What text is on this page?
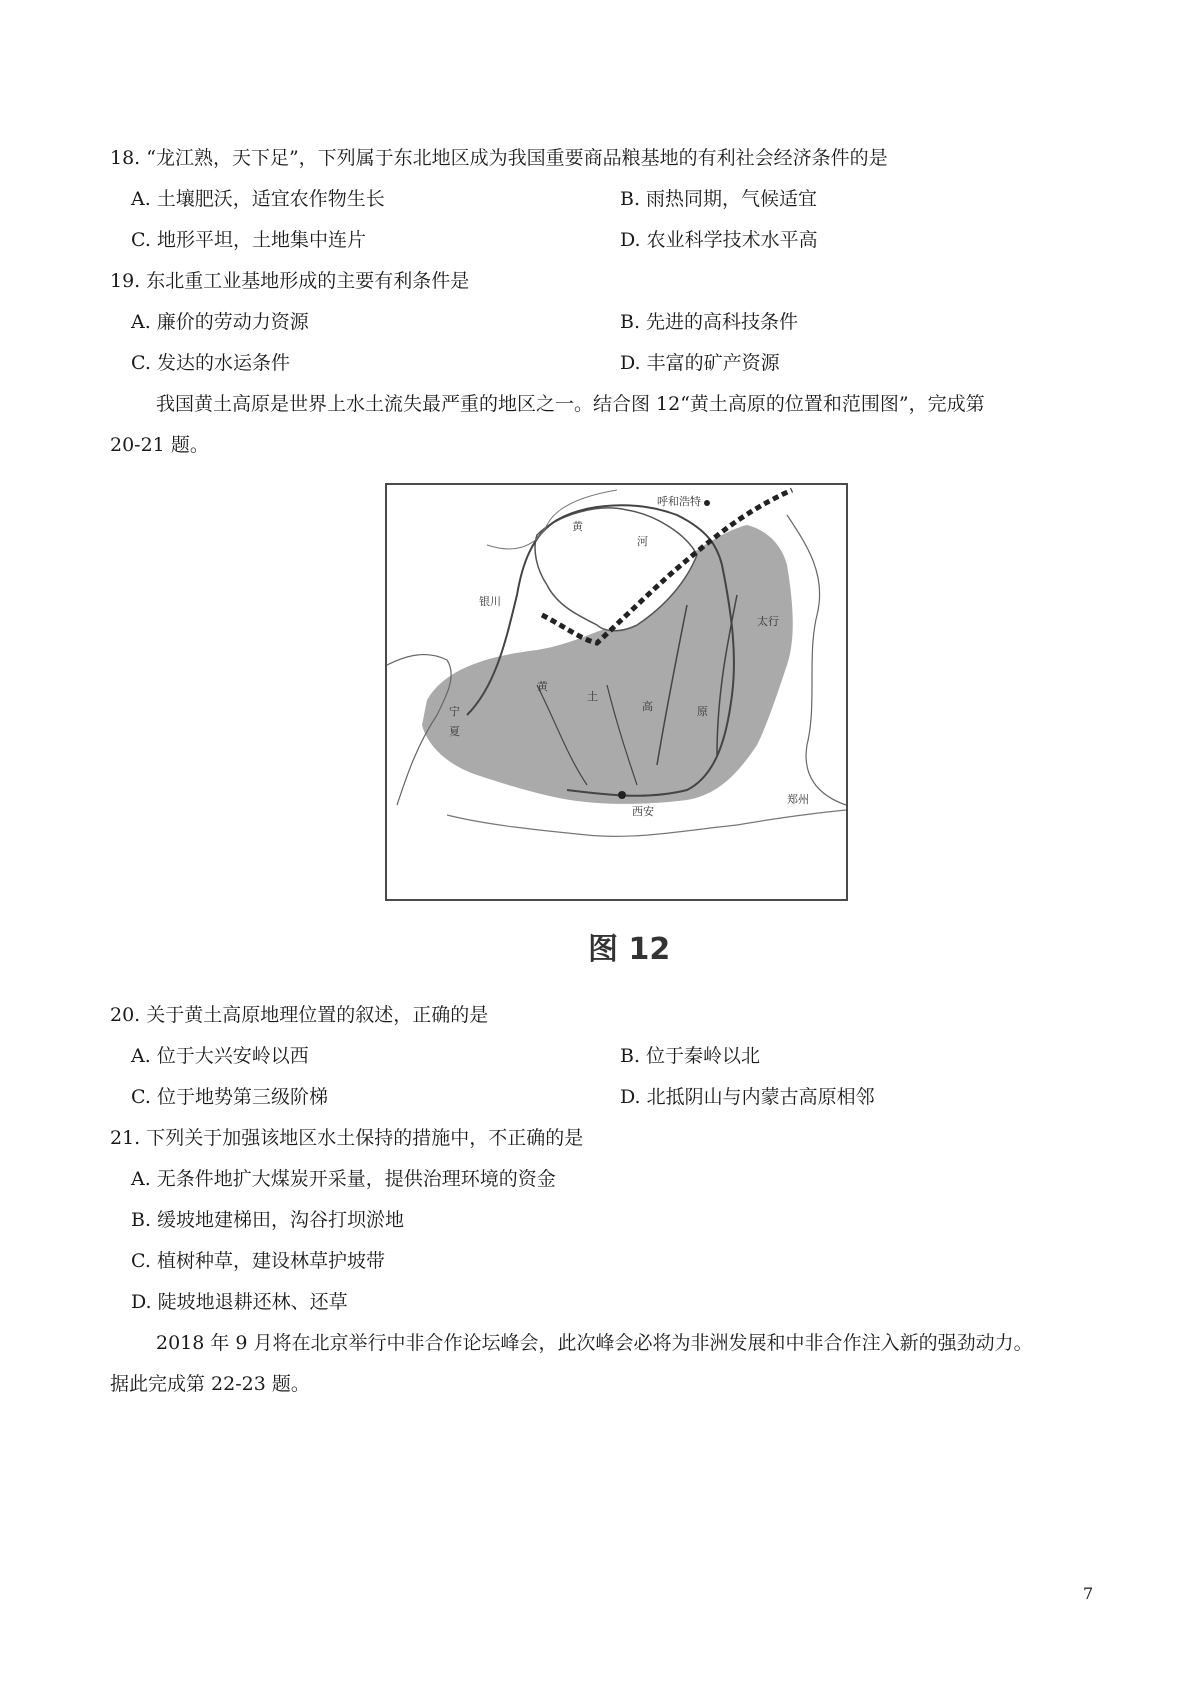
18. “龙江熟，天下足”，下列属于东北地区成为我国重要商品粮基地的有利社会经济条件的是
A. 土壤肥沃，适宜农作物生长	B. 雨热同期，气候适宜
C. 地形平坦，土地集中连片	D. 农业科学技术水平高
19. 东北重工业基地形成的主要有利条件是
A. 廉价的劳动力资源	B. 先进的高科技条件
C. 发达的水运条件	D. 丰富的矿产资源
我国黄土高原是世界上水土流失最严重的地区之一。结合图 12“黄土高原的位置和范围图”，完成第
20-21 题。
呼和浩特
黄
河
银川
太行
黄
土
高	原
宁
夏
西安
郑州
图 12
20. 关于黄土高原地理位置的叙述，正确的是
A. 位于大兴安岭以西	B. 位于秦岭以北
C. 位于地势第三级阶梯	D. 北抵阴山与内蒙古高原相邻
21. 下列关于加强该地区水土保持的措施中，不正确的是
A. 无条件地扩大煤炭开采量，提供治理环境的资金
B. 缓坡地建梯田，沟谷打坝淤地
C. 植树种草，建设林草护坡带
D. 陡坡地退耕还林、还草
2018 年 9 月将在北京举行中非合作论坛峰会，此次峰会必将为非洲发展和中非合作注入新的强劲动力。
据此完成第 22-23 题。
7
